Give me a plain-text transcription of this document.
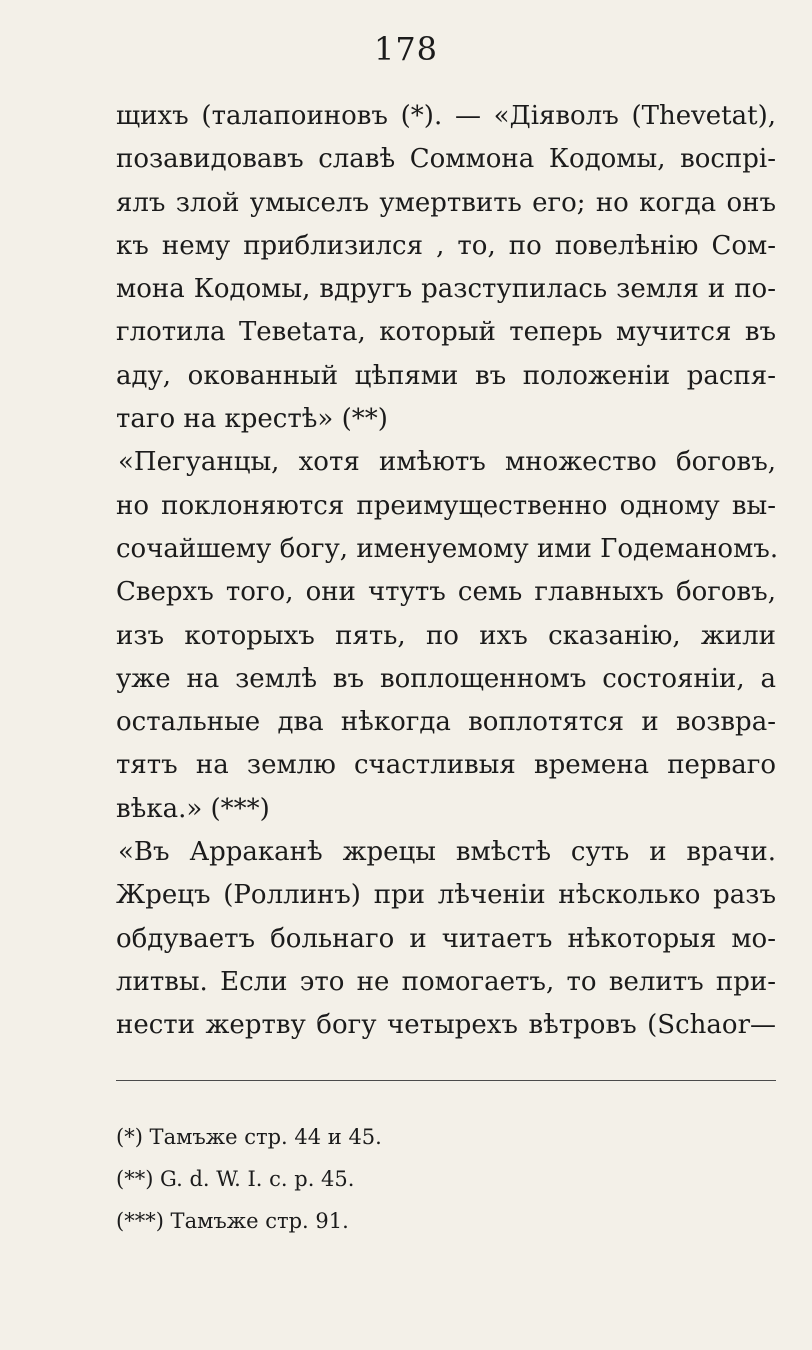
178
щихъ (талапоиновъ (*). — «Діяволъ (Thevetat),
позавидовавъ славѣ Соммона Кодомы, воспрі-
ялъ злой умыселъ умертвить его; но когда онъ
къ нему приблизился , то, по повелѣнію Сом-
мона Кодомы, вдругъ разступилась земля и по-
глотила Тевetата, который теперь мучится въ
аду, окованный цѣпями въ положеніи распя-
таго на крестѣ» (**)
«Пегуанцы, хотя имѣютъ множество боговъ,
но поклоняются преимущественно одному вы-
сочайшему богу, именуемому ими Годеманомъ.
Сверхъ того, они чтутъ семь главныхъ боговъ,
изъ которыхъ пять, по ихъ сказанію, жили
уже на землѣ въ воплощенномъ состояніи, а
остальные два нѣкогда воплотятся и возвра-
тятъ на землю счастливыя времена перваго
вѣка.» (***)
«Въ Арраканѣ жрецы вмѣстѣ суть и врачи.
Жрецъ (Роллинъ) при лѣченіи нѣсколько разъ
обдуваетъ больнаго и читаетъ нѣкоторыя мо-
литвы. Если это не помогаетъ, то велитъ при-
нести жертву богу четырехъ вѣтровъ (Schaor—
(*) Тамъже стр. 44 и 45.
(**) G. d. W. I. c. p. 45.
(***) Тамъже стр. 91.
